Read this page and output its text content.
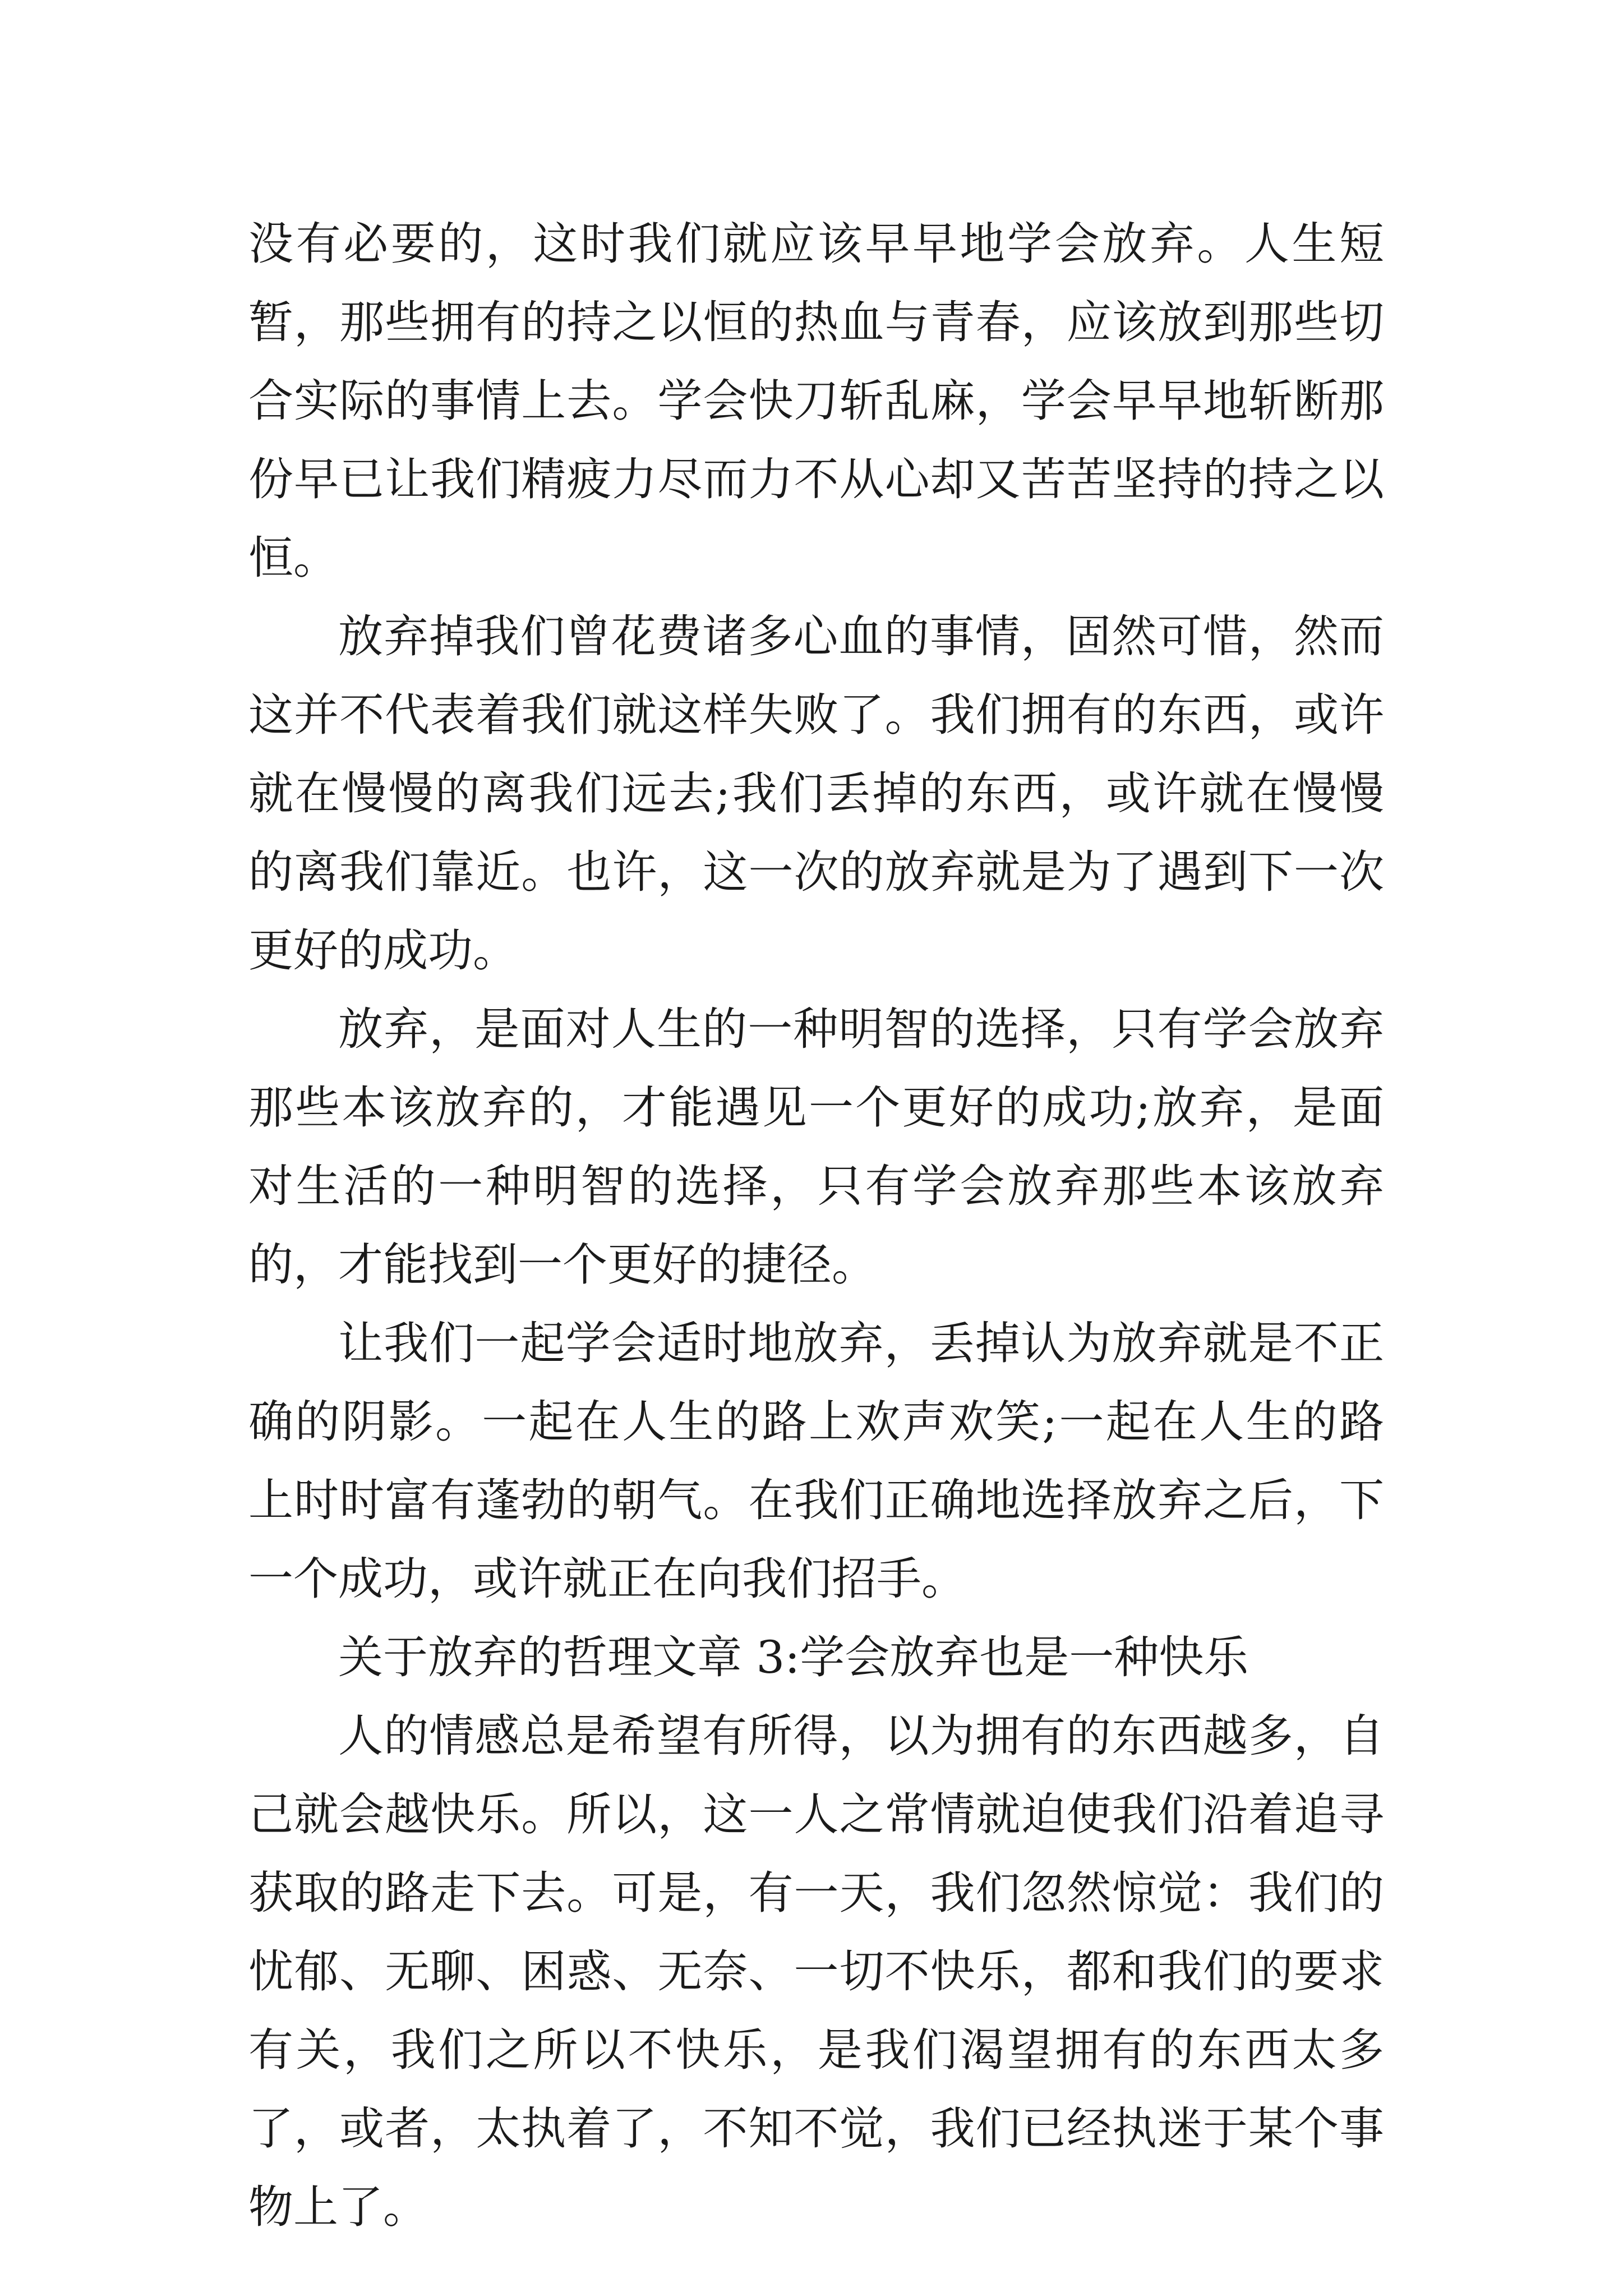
没有必要的，这时我们就应该早早地学会放弃。人生短暂，那些拥有的持之以恒的热血与青春，应该放到那些切合实际的事情上去。学会快刀斩乱麻，学会早早地斩断那份早已让我们精疲力尽而力不从心却又苦苦坚持的持之以恒。

放弃掉我们曾花费诸多心血的事情，固然可惜，然而这并不代表着我们就这样失败了。我们拥有的东西，或许就在慢慢的离我们远去;我们丢掉的东西，或许就在慢慢的离我们靠近。也许，这一次的放弃就是为了遇到下一次更好的成功。

放弃，是面对人生的一种明智的选择，只有学会放弃那些本该放弃的，才能遇见一个更好的成功;放弃，是面对生活的一种明智的选择，只有学会放弃那些本该放弃的，才能找到一个更好的捷径。

让我们一起学会适时地放弃，丢掉认为放弃就是不正确的阴影。一起在人生的路上欢声欢笑;一起在人生的路上时时富有蓬勃的朝气。在我们正确地选择放弃之后，下一个成功，或许就正在向我们招手。

关于放弃的哲理文章 3:学会放弃也是一种快乐

人的情感总是希望有所得，以为拥有的东西越多，自己就会越快乐。所以，这一人之常情就迫使我们沿着追寻获取的路走下去。可是，有一天，我们忽然惊觉：我们的忧郁、无聊、困惑、无奈、一切不快乐，都和我们的要求有关，我们之所以不快乐，是我们渴望拥有的东西太多了，或者，太执着了，不知不觉，我们已经执迷于某个事物上了。
